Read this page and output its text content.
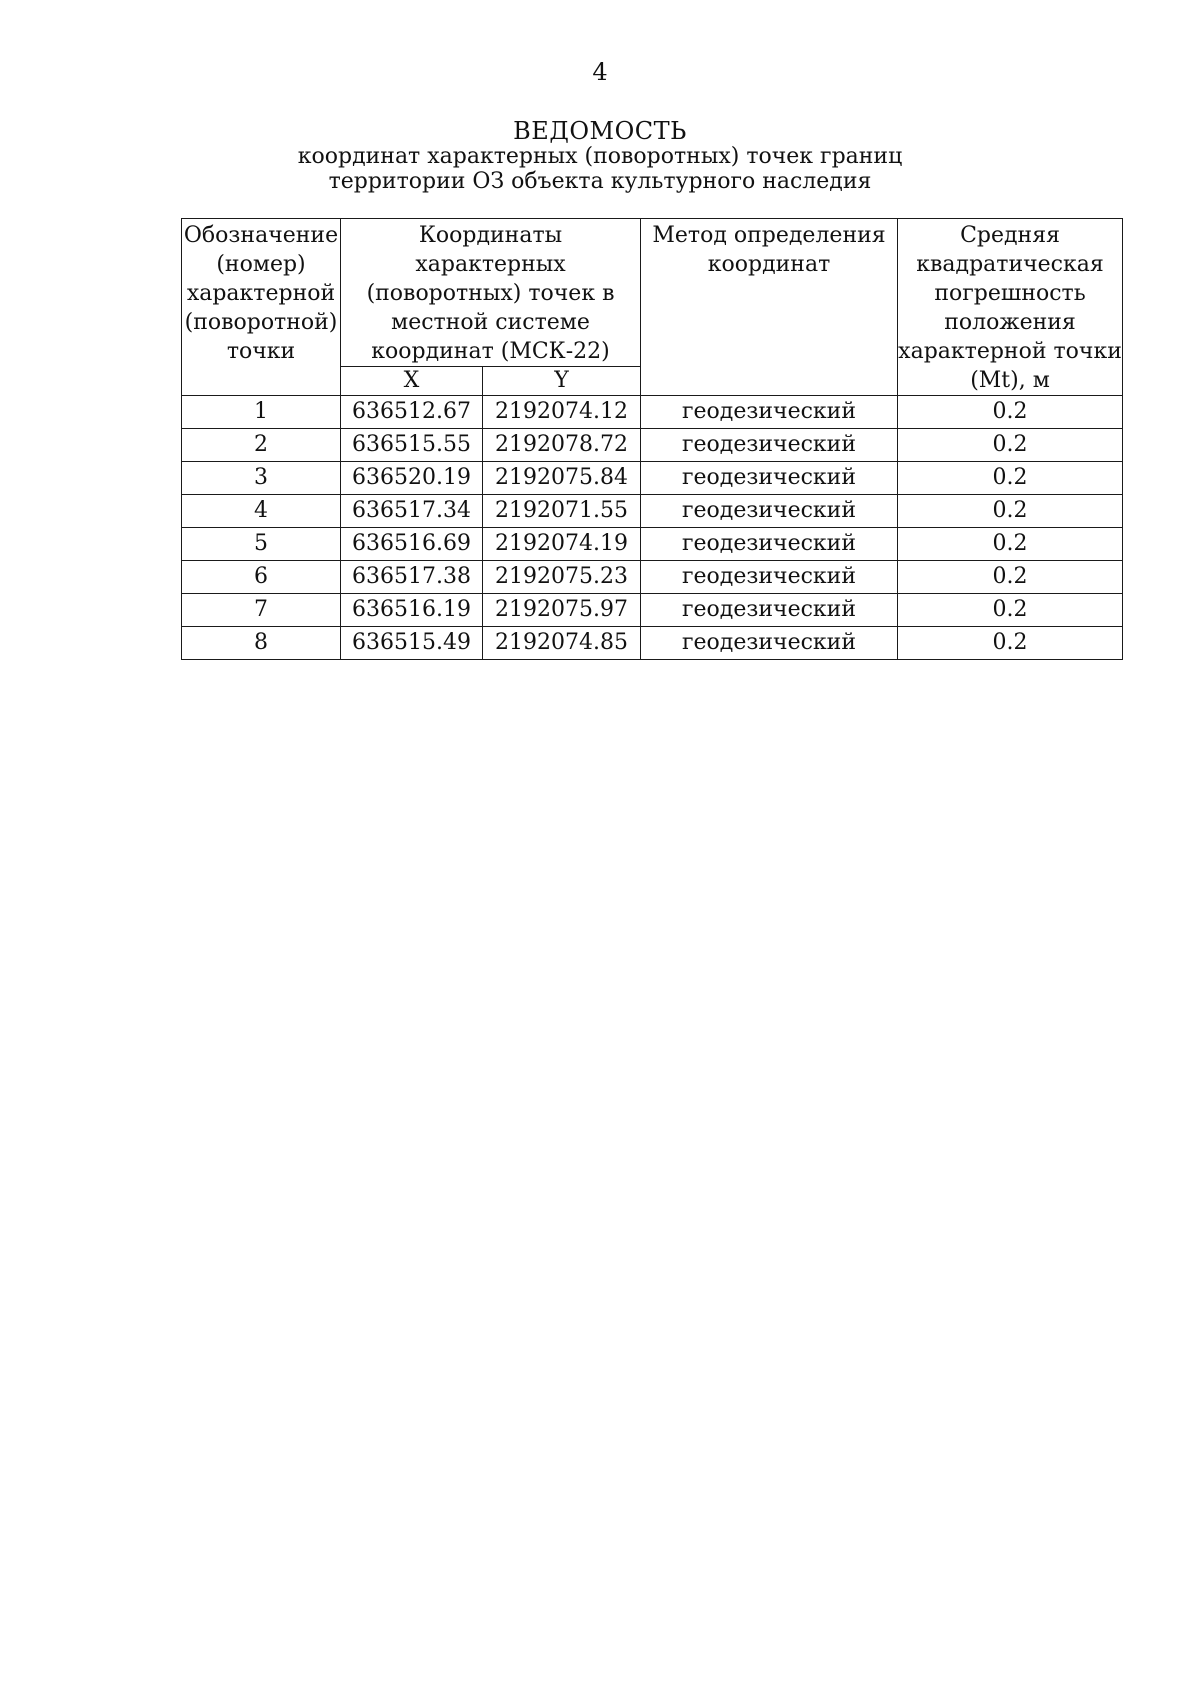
4
ВЕДОМОСТЬ
координат характерных (поворотных) точек границ
территории ОЗ объекта культурного наследия
Обозначение (номер) характерной (поворотной) точки	Координаты характерных (поворотных) точек в местной системе координат (МСК-22)		Метод определения координат	Средняя квадратическая погрешность положения характерной точки (Mt), м
	X	Y		
1	636512.67	2192074.12	геодезический	0.2
2	636515.55	2192078.72	геодезический	0.2
3	636520.19	2192075.84	геодезический	0.2
4	636517.34	2192071.55	геодезический	0.2
5	636516.69	2192074.19	геодезический	0.2
6	636517.38	2192075.23	геодезический	0.2
7	636516.19	2192075.97	геодезический	0.2
8	636515.49	2192074.85	геодезический	0.2
